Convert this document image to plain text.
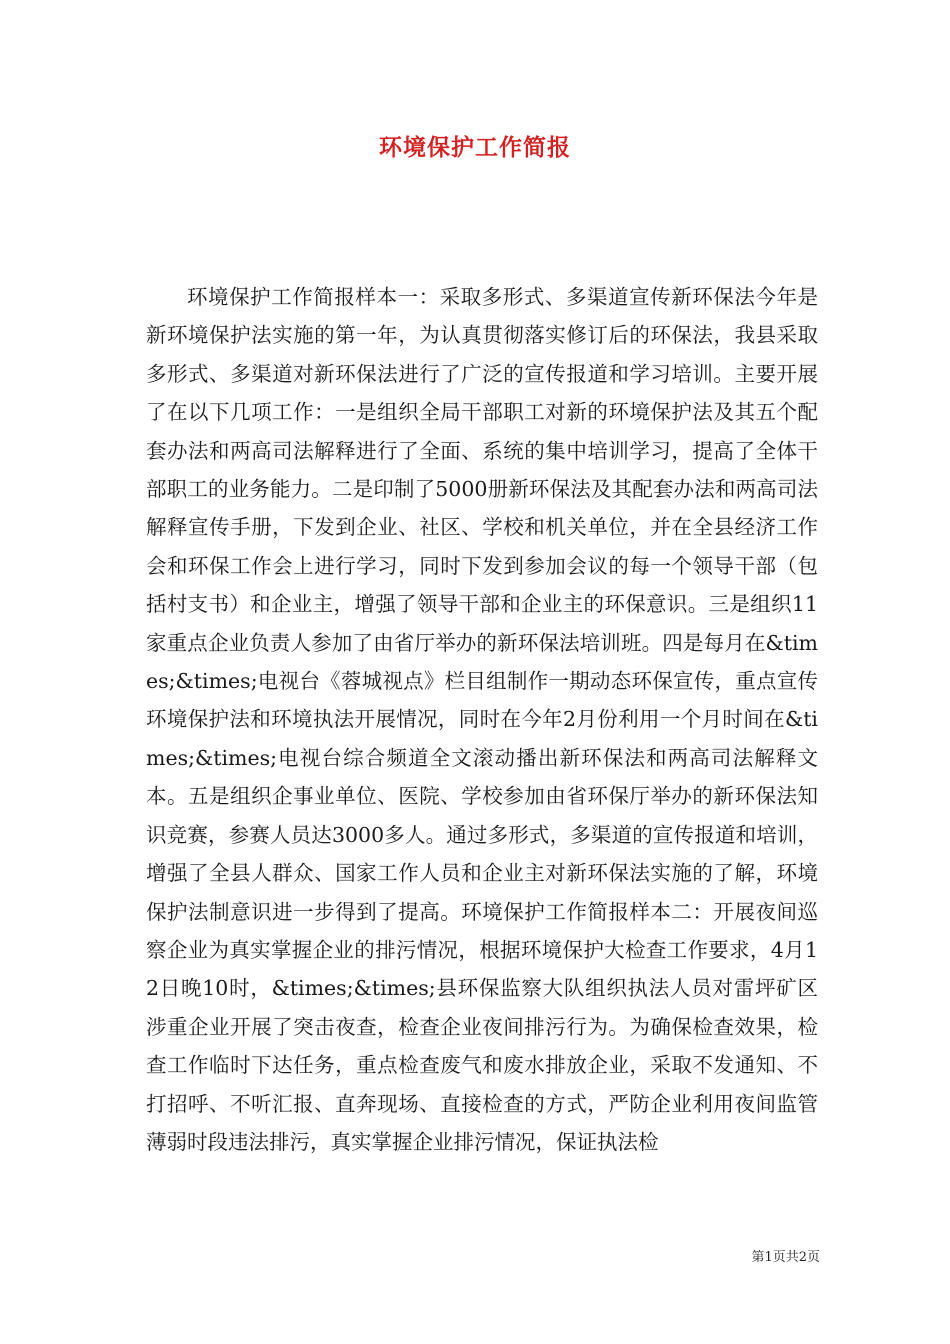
环境保护工作简报

环境保护工作简报样本一：采取多形式、多渠道宣传新环保法今年是新环境保护法实施的第一年，为认真贯彻落实修订后的环保法，我县采取多形式、多渠道对新环保法进行了广泛的宣传报道和学习培训。主要开展了在以下几项工作：一是组织全局干部职工对新的环境保护法及其五个配套办法和两高司法解释进行了全面、系统的集中培训学习，提高了全体干部职工的业务能力。二是印制了5000册新环保法及其配套办法和两高司法解释宣传手册，下发到企业、社区、学校和机关单位，并在全县经济工作会和环保工作会上进行学习，同时下发到参加会议的每一个领导干部（包括村支书）和企业主，增强了领导干部和企业主的环保意识。三是组织11家重点企业负责人参加了由省厅举办的新环保法培训班。四是每月在&times;&times;电视台《蓉城视点》栏目组制作一期动态环保宣传，重点宣传环境保护法和环境执法开展情况，同时在今年2月份利用一个月时间在&times;&times;电视台综合频道全文滚动播出新环保法和两高司法解释文本。五是组织企事业单位、医院、学校参加由省环保厅举办的新环保法知识竞赛，参赛人员达3000多人。通过多形式，多渠道的宣传报道和培训，增强了全县人群众、国家工作人员和企业主对新环保法实施的了解，环境保护法制意识进一步得到了提高。环境保护工作简报样本二：开展夜间巡察企业为真实掌握企业的排污情况，根据环境保护大检查工作要求，4月12日晚10时，&times;&times;县环保监察大队组织执法人员对雷坪矿区涉重企业开展了突击夜查，检查企业夜间排污行为。为确保检查效果，检查工作临时下达任务，重点检查废气和废水排放企业，采取不发通知、不打招呼、不听汇报、直奔现场、直接检查的方式，严防企业利用夜间监管薄弱时段违法排污，真实掌握企业排污情况，保证执法检

第1页共2页
